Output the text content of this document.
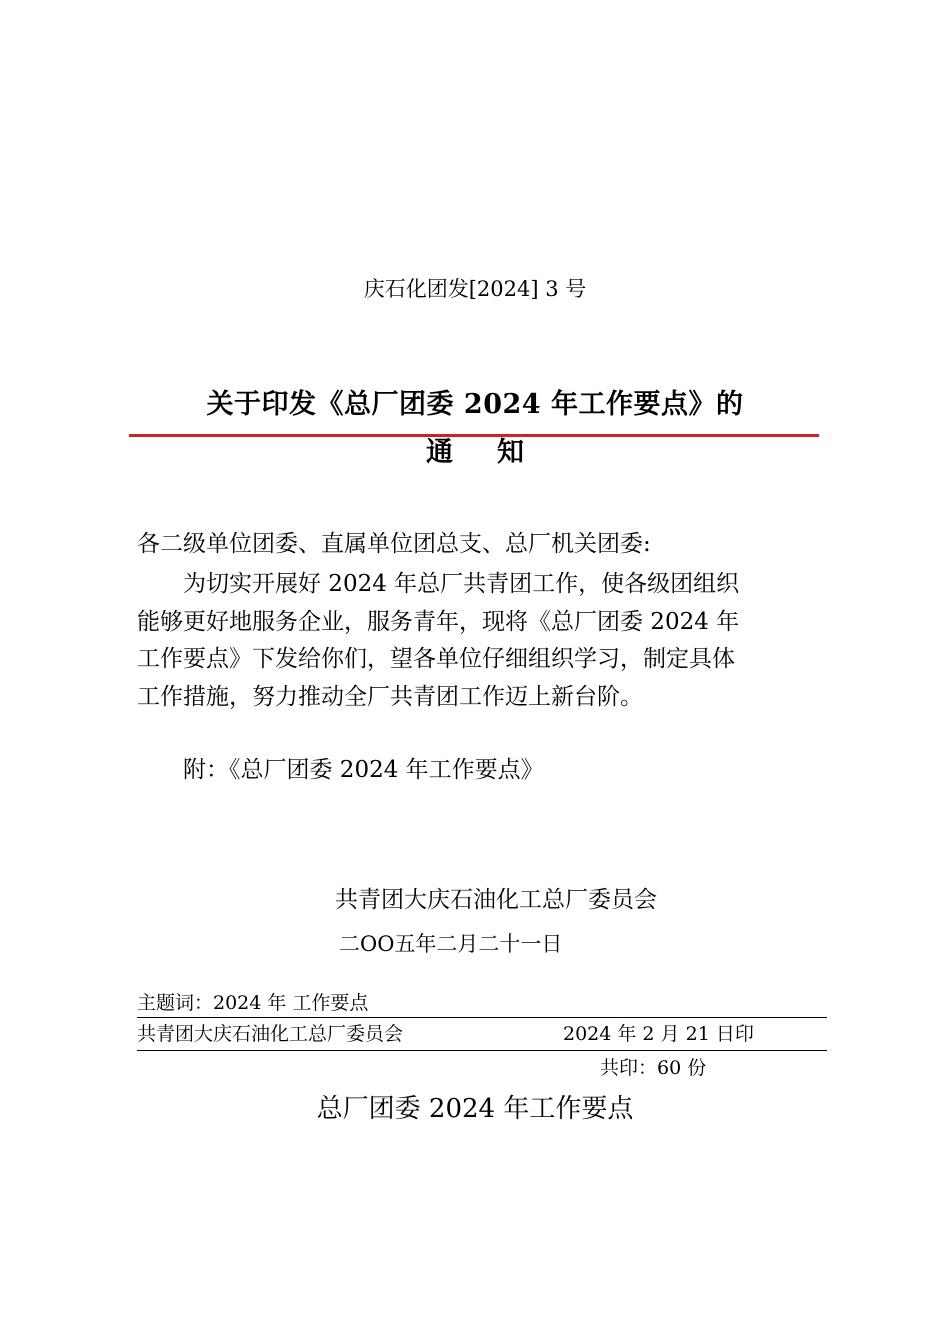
庆石化团发[2024] 3 号
关于印发《总厂团委 2024 年工作要点》的
通知
各二级单位团委、直属单位团总支、总厂机关团委:
为切实开展好 2024 年总厂共青团工作，使各级团组织
能够更好地服务企业，服务青年，现将《总厂团委 2024 年
工作要点》下发给你们，望各单位仔细组织学习，制定具体
工作措施，努力推动全厂共青团工作迈上新台阶。
附：《总厂团委 2024 年工作要点》
共青团大庆石油化工总厂委员会
二OO五年二月二十一日
主题词：2024 年 工作要点
共青团大庆石油化工总厂委员会	2024 年 2 月 21 日印
共印：60 份
总厂团委 2024 年工作要点
